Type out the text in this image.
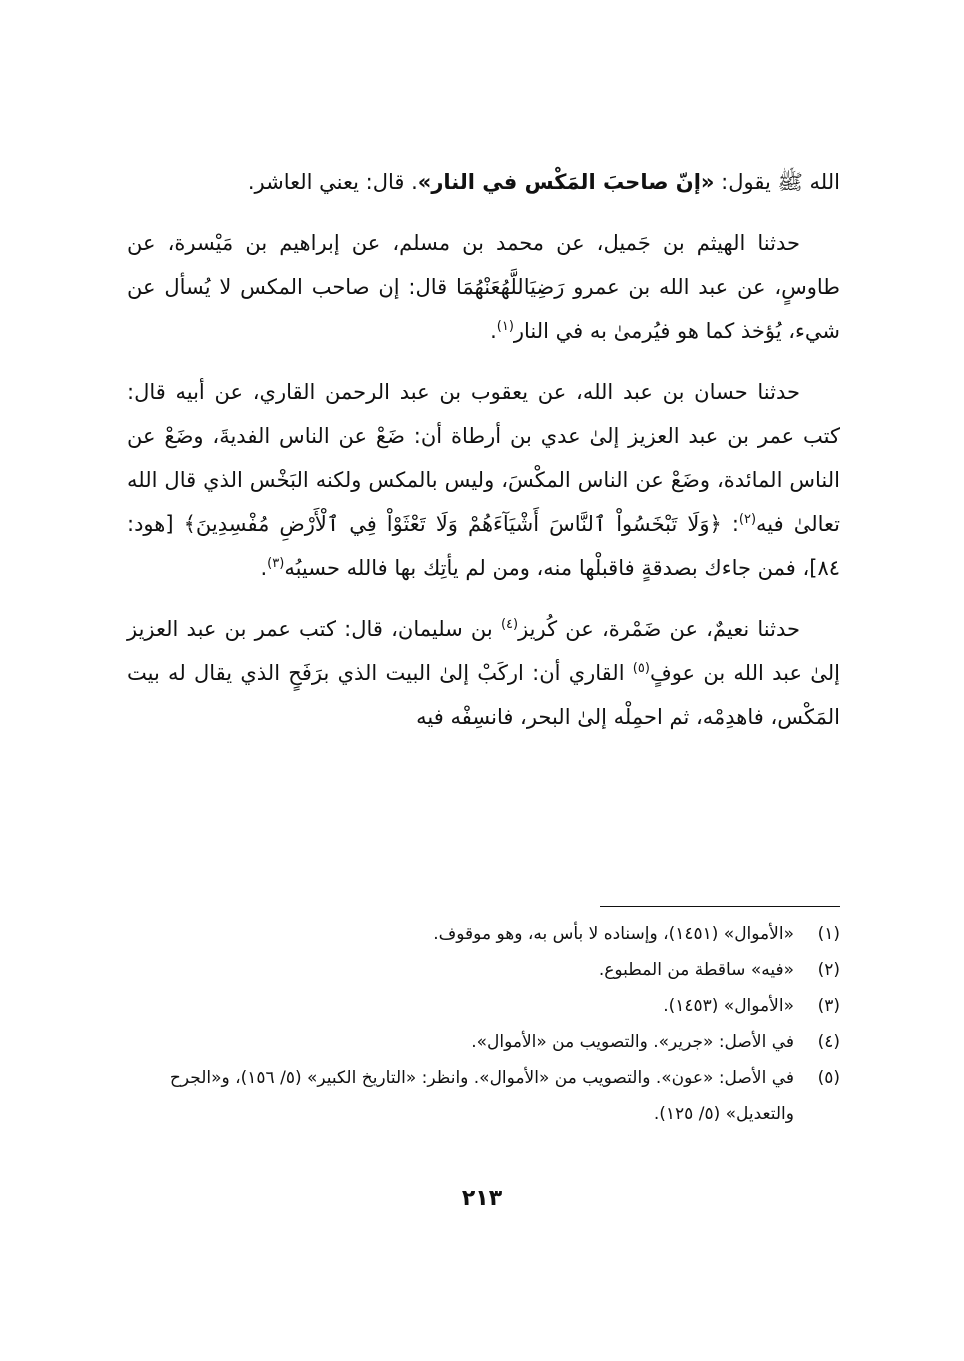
الله ﷺ يقول: «إنّ صاحبَ المَكْس في النار». قال: يعني العاشر.

حدثنا الهيثم بن جَميل، عن محمد بن مسلم، عن إبراهيم بن مَيْسرة، عن طاوسٍ، عن عبد الله بن عمرو رَضِيَاللَّهُعَنْهُمَا قال: إن صاحب المكس لا يُسأل عن شيء، يُؤخذ كما هو فيُرمىٰ به في النار$^{(١)}$.

حدثنا حسان بن عبد الله، عن يعقوب بن عبد الرحمن القاري، عن أبيه قال: كتب عمر بن عبد العزيز إلىٰ عدي بن أرطاة أن: ضَعْ عن الناس الفديةَ، وضَعْ عن الناس المائدة، وضَعْ عن الناس المكْسَ، وليس بالمكس ولكنه البَخْس الذي قال الله تعالىٰ فيه$^{(٢)}$: ﴿وَلَا تَبْخَسُواْ ٱلنَّاسَ أَشْيَآءَهُمْ وَلَا تَعْثَوْاْ فِي ٱلْأَرْضِ مُفْسِدِينَ﴾ [هود: ٨٤]، فمن جاءك بصدقةٍ فاقبلْها منه، ومن لم يأتِك بها فالله حسيبُه$^{(٣)}$.

حدثنا نعيمٌ، عن ضَمْرة، عن كُريز$^{(٤)}$ بن سليمان، قال: كتب عمر بن عبد العزيز إلىٰ عبد الله بن عوفٍ$^{(٥)}$ القاري أن: اركَبْ إلىٰ البيت الذي برَفَحٍ الذي يقال له بيت المَكْس، فاهدِمْه، ثم احمِلْه إلىٰ البحر، فانسِفْه فيه

(١)
«الأموال» (١٤٥١)، وإسناده لا بأس به، وهو موقوف.
(٢)
«فيه» ساقطة من المطبوع.
(٣)
«الأموال» (١٤٥٣).
(٤)
في الأصل: «جرير». والتصويب من «الأموال».
(٥)
في الأصل: «عون». والتصويب من «الأموال». وانظر: «التاريخ الكبير» (٥/ ١٥٦)، و«الجرح والتعديل» (٥/ ١٢٥).
٢١٣
